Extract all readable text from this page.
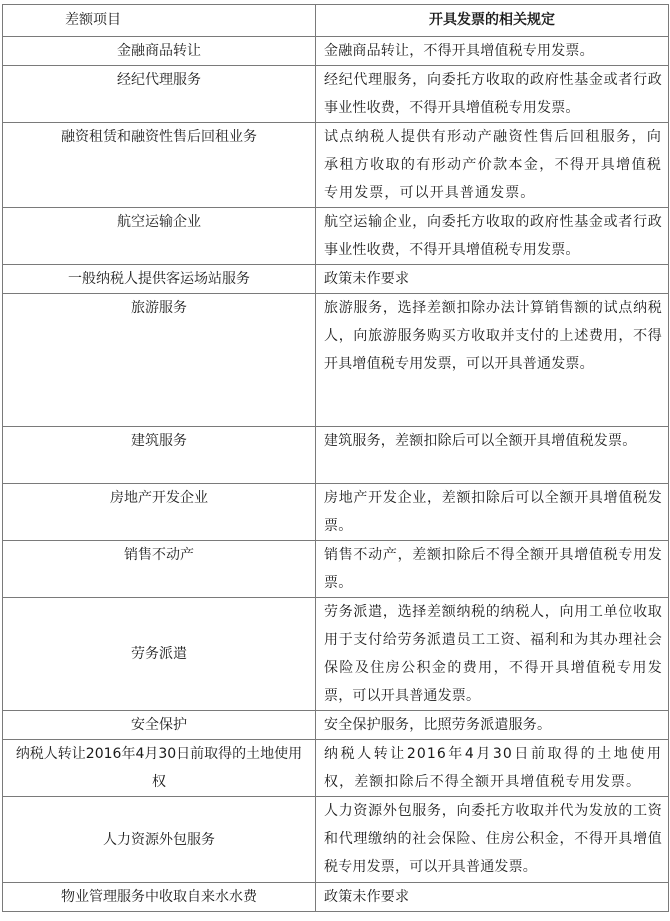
差额项目	开具发票的相关规定
金融商品转让	金融商品转让，不得开具增值税专用发票。
经纪代理服务	经纪代理服务，向委托方收取的政府性基金或者行政事业性收费，不得开具增值税专用发票。
融资租赁和融资性售后回租业务	试点纳税人提供有形动产融资性售后回租服务，向承租方收取的有形动产价款本金，不得开具增值税专用发票，可以开具普通发票。
航空运输企业	航空运输企业，向委托方收取的政府性基金或者行政事业性收费，不得开具增值税专用发票。
一般纳税人提供客运场站服务	政策未作要求
旅游服务	旅游服务，选择差额扣除办法计算销售额的试点纳税人，向旅游服务购买方收取并支付的上述费用，不得开具增值税专用发票，可以开具普通发票。
建筑服务	建筑服务，差额扣除后可以全额开具增值税发票。
房地产开发企业	房地产开发企业，差额扣除后可以全额开具增值税发票。
销售不动产	销售不动产，差额扣除后不得全额开具增值税专用发票。
劳务派遣	劳务派遣，选择差额纳税的纳税人，向用工单位收取用于支付给劳务派遣员工工资、福利和为其办理社会保险及住房公积金的费用，不得开具增值税专用发票，可以开具普通发票。
安全保护	安全保护服务，比照劳务派遣服务。
纳税人转让2016年4月30日前取得的土地使用权	纳税人转让2016年4月30日前取得的土地使用权，差额扣除后不得全额开具增值税专用发票。
人力资源外包服务	人力资源外包服务，向委托方收取并代为发放的工资和代理缴纳的社会保险、住房公积金，不得开具增值税专用发票，可以开具普通发票。
物业管理服务中收取自来水水费	政策未作要求
